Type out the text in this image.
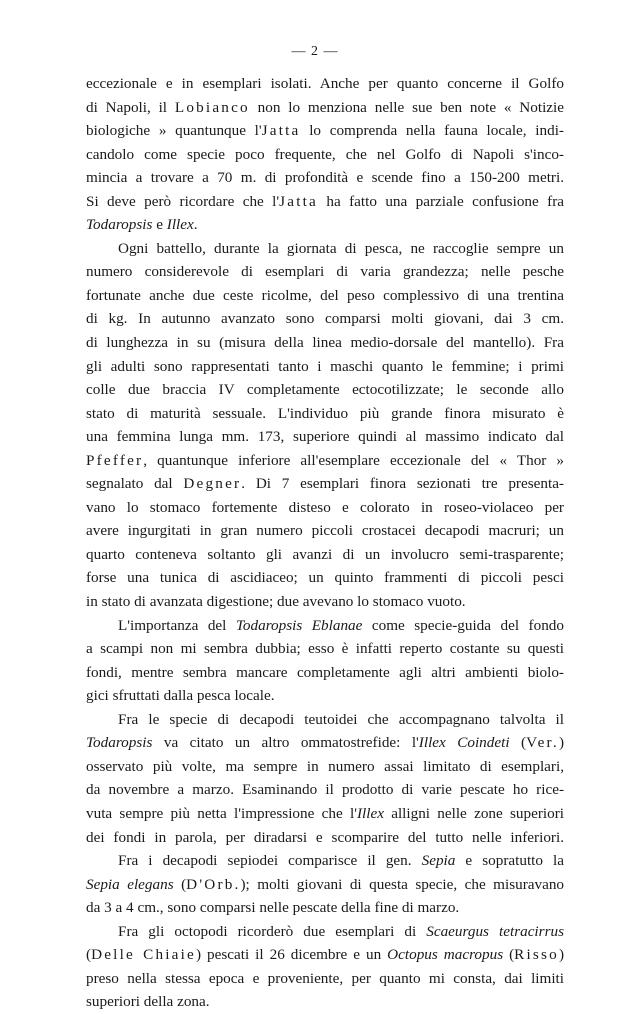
— 2 —
eccezionale e in esemplari isolati. Anche per quanto concerne il Golfo
di Napoli, il Lobianco non lo menziona nelle sue ben note « Notizie
biologiche » quantunque l'Jatta lo comprenda nella fauna locale, indi-
candolo come specie poco frequente, che nel Golfo di Napoli s'inco-
mincia a trovare a 70 m. di profondità e scende fino a 150-200 metri.
Si deve però ricordare che l'Jatta ha fatto una parziale confusione fra
Todaropsis e Illex.
Ogni battello, durante la giornata di pesca, ne raccoglie sempre un
numero considerevole di esemplari di varia grandezza; nelle pesche
fortunate anche due ceste ricolme, del peso complessivo di una trentina
di kg. In autunno avanzato sono comparsi molti giovani, dai 3 cm.
di lunghezza in su (misura della linea medio-dorsale del mantello). Fra
gli adulti sono rappresentati tanto i maschi quanto le femmine; i primi
colle due braccia IV completamente ectocotilizzate; le seconde allo
stato di maturità sessuale. L'individuo più grande finora misurato è
una femmina lunga mm. 173, superiore quindi al massimo indicato dal
Pfeffer, quantunque inferiore all'esemplare eccezionale del « Thor »
segnalato dal Degner. Di 7 esemplari finora sezionati tre presenta-
vano lo stomaco fortemente disteso e colorato in roseo-violaceo per
avere ingurgitati in gran numero piccoli crostacei decapodi macruri; un
quarto conteneva soltanto gli avanzi di un involucro semi-trasparente;
forse una tunica di ascidiaceo; un quinto frammenti di piccoli pesci
in stato di avanzata digestione; due avevano lo stomaco vuoto.
L'importanza del Todaropsis Eblanae come specie-guida del fondo
a scampi non mi sembra dubbia; esso è infatti reperto costante su questi
fondi, mentre sembra mancare completamente agli altri ambienti biolo-
gici sfruttati dalla pesca locale.
Fra le specie di decapodi teutoidei che accompagnano talvolta il
Todaropsis va citato un altro ommatostrefide: l'Illex Coindeti (Ver.)
osservato più volte, ma sempre in numero assai limitato di esemplari,
da novembre a marzo. Esaminando il prodotto di varie pescate ho rice-
vuta sempre più netta l'impressione che l'Illex alligni nelle zone superiori
dei fondi in parola, per diradarsi e scomparire del tutto nelle inferiori.
Fra i decapodi sepiodei comparisce il gen. Sepia e sopratutto la
Sepia elegans (D'Orb.); molti giovani di questa specie, che misuravano
da 3 a 4 cm., sono comparsi nelle pescate della fine di marzo.
Fra gli octopodi ricorderò due esemplari di Scaeurgus tetracirrus
(Delle Chiaie) pescati il 26 dicembre e un Octopus macropus (Risso)
preso nella stessa epoca e proveniente, per quanto mi consta, dai limiti
superiori della zona.
